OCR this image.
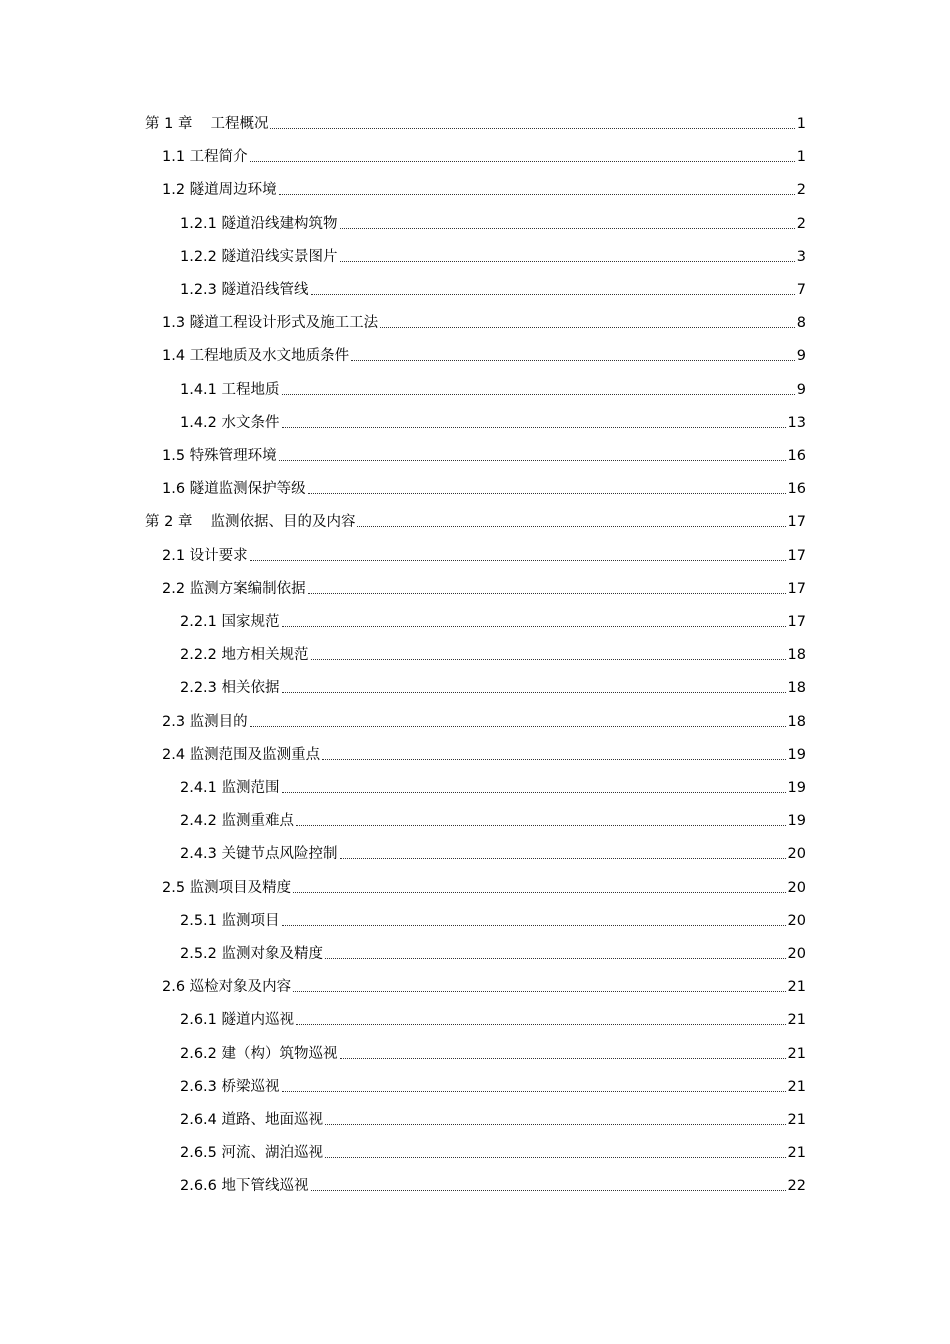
第 1 章 工程概况	1
1.1 工程简介	1
1.2 隧道周边环境	2
1.2.1 隧道沿线建构筑物	2
1.2.2 隧道沿线实景图片	3
1.2.3 隧道沿线管线	7
1.3 隧道工程设计形式及施工工法	8
1.4 工程地质及水文地质条件	9
1.4.1 工程地质	9
1.4.2 水文条件	13
1.5 特殊管理环境	16
1.6 隧道监测保护等级	16
第 2 章 监测依据、目的及内容	17
2.1 设计要求	17
2.2 监测方案编制依据	17
2.2.1 国家规范	17
2.2.2 地方相关规范	18
2.2.3 相关依据	18
2.3 监测目的	18
2.4 监测范围及监测重点	19
2.4.1 监测范围	19
2.4.2 监测重难点	19
2.4.3 关键节点风险控制	20
2.5 监测项目及精度	20
2.5.1 监测项目	20
2.5.2 监测对象及精度	20
2.6 巡检对象及内容	21
2.6.1 隧道内巡视	21
2.6.2 建（构）筑物巡视	21
2.6.3 桥梁巡视	21
2.6.4 道路、地面巡视	21
2.6.5 河流、湖泊巡视	21
2.6.6 地下管线巡视	22
